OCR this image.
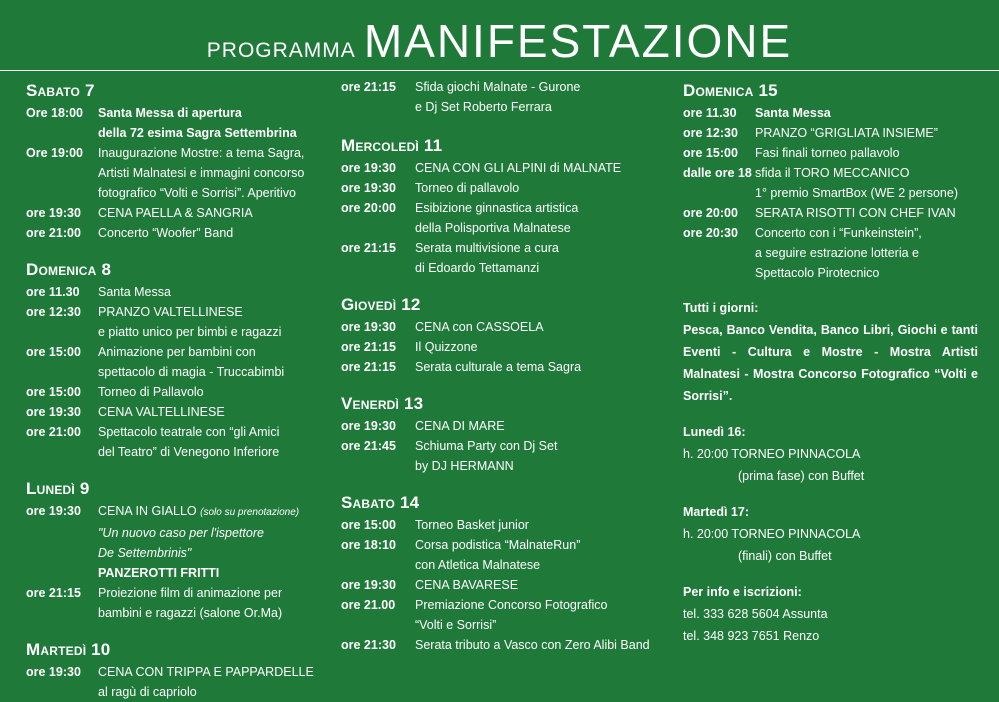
PROGRAMMA MANIFESTAZIONE
Sabato 7
Ore 18:00	Santa Messa di apertura
della 72 esima Sagra Settembrina
Ore 19:00	Inaugurazione Mostre: a tema Sagra,
Artisti Malnatesi e immagini concorso
fotografico “Volti e Sorrisi”. Aperitivo
ore 19:30	CENA PAELLA & SANGRIA
ore 21:00	Concerto “Woofer” Band
Domenica 8
ore 11.30	Santa Messa
ore 12:30	PRANZO VALTELLINESE
e piatto unico per bimbi e ragazzi
ore 15:00	Animazione per bambini con
spettacolo di magia - Truccabimbi
ore 15:00	Torneo di Pallavolo
ore 19:30	CENA VALTELLINESE
ore 21:00	Spettacolo teatrale con “gli Amici
del Teatro” di Venegono Inferiore
Lunedì 9
ore 19:30	CENA IN GIALLO (solo su prenotazione)
"Un nuovo caso per l'ispettore
De Settembrinis"
PANZEROTTI FRITTI
ore 21:15	Proiezione film di animazione per
bambini e ragazzi (salone Or.Ma)
Martedì 10
ore 19:30	CENA CON TRIPPA E PAPPARDELLE
al ragù di capriolo
ore 21:15	Sfida giochi Malnate - Gurone
e Dj Set Roberto Ferrara
Mercoledì 11
ore 19:30	CENA CON GLI ALPINI di MALNATE
ore 19:30	Torneo di pallavolo
ore 20:00	Esibizione ginnastica artistica
della Polisportiva Malnatese
ore 21:15	Serata multivisione a cura
di Edoardo Tettamanzi
Giovedì 12
ore 19:30	CENA con CASSOELA
ore 21:15	Il Quizzone
ore 21:15	Serata culturale a tema Sagra
Venerdì 13
ore 19:30	CENA DI MARE
ore 21:45	Schiuma Party con Dj Set
by DJ HERMANN
Sabato 14
ore 15:00	Torneo Basket junior
ore 18:10	Corsa podistica “MalnateRun”
con Atletica Malnatese
ore 19:30	CENA BAVARESE
ore 21.00	Premiazione Concorso Fotografico
“Volti e Sorrisi”
ore 21:30	Serata tributo a Vasco con Zero Alibi Band
Domenica 15
ore 11.30	Santa Messa
ore 12:30	PRANZO “GRIGLIATA INSIEME”
ore 15:00	Fasi finali torneo pallavolo
dalle ore 18 sfida il TORO MECCANICO
1° premio SmartBox (WE 2 persone)
ore 20:00	SERATA RISOTTI CON CHEF IVAN
ore 20:30	Concerto con i “Funkeinstein”,
a seguire estrazione lotteria e
Spettacolo Pirotecnico
Tutti i giorni:
Pesca, Banco Vendita, Banco Libri, Giochi e tanti Eventi - Cultura e Mostre - Mostra Artisti Malnatesi - Mostra Concorso Fotografico “Volti e Sorrisi”.
Lunedì 16:
h. 20:00 TORNEO PINNACOLA
(prima fase) con Buffet
Martedì 17:
h. 20:00 TORNEO PINNACOLA
(finali) con Buffet
Per info e iscrizioni:
tel. 333 628 5604 Assunta
tel. 348 923 7651 Renzo
